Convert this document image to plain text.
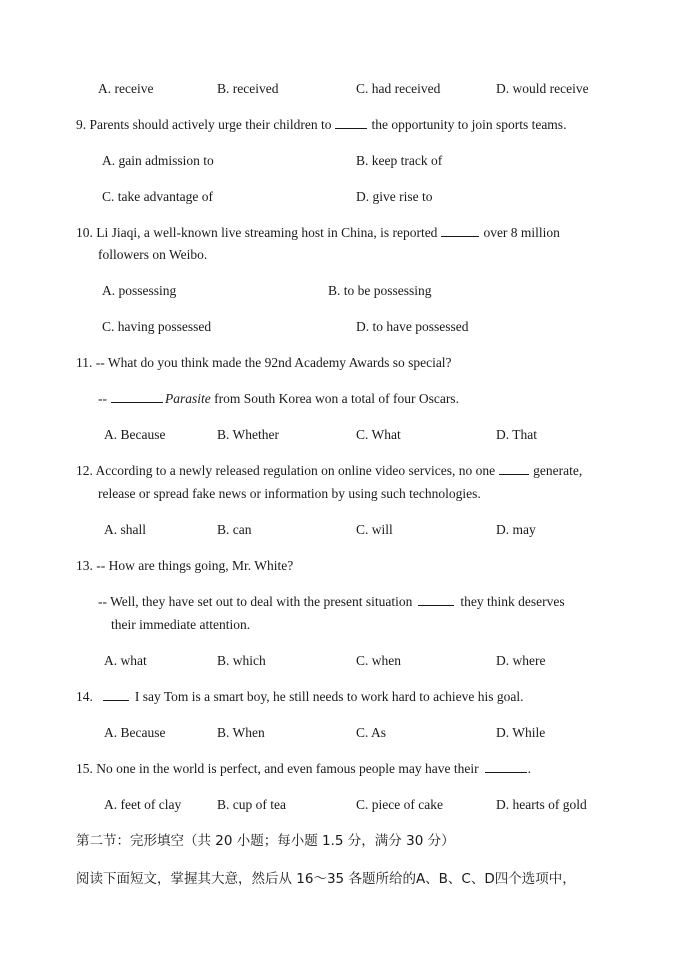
A. receive	B. received	C. had received	D. would receive
9. Parents should actively urge their children to	the opportunity to join sports teams.
A. gain admission to	B. keep track of
C. take advantage of	D. give rise to
10. Li Jiaqi, a well-known live streaming host in China, is reported	over 8 million
followers on Weibo.
A. possessing	B. to be possessing
C. having possessed	D. to have possessed
11. -- What do you think made the 92nd Academy Awards so special?
--	Parasite from South Korea won a total of four Oscars.
A. Because	B. Whether	C. What	D. That
12. According to a newly released regulation on online video services, no one	generate,
release or spread fake news or information by using such technologies.
A. shall	B. can	C. will	D. may
13. -- How are things going, Mr. White?
-- Well, they have set out to deal with the present situation	they think deserves
their immediate attention.
A. what	B. which	C. when	D. where
14.	I say Tom is a smart boy, he still needs to work hard to achieve his goal.
A. Because	B. When	C. As	D. While
15. No one in the world is perfect, and even famous people may have their	.
A. feet of clay	B. cup of tea	C. piece of cake	D. hearts of gold
第二节：完形填空（共 20 小题；每小题 1.5 分，满分 30 分）
阅读下面短文，掌握其大意，然后从 16～35 各题所给的A、B、C、D四个选项中，
